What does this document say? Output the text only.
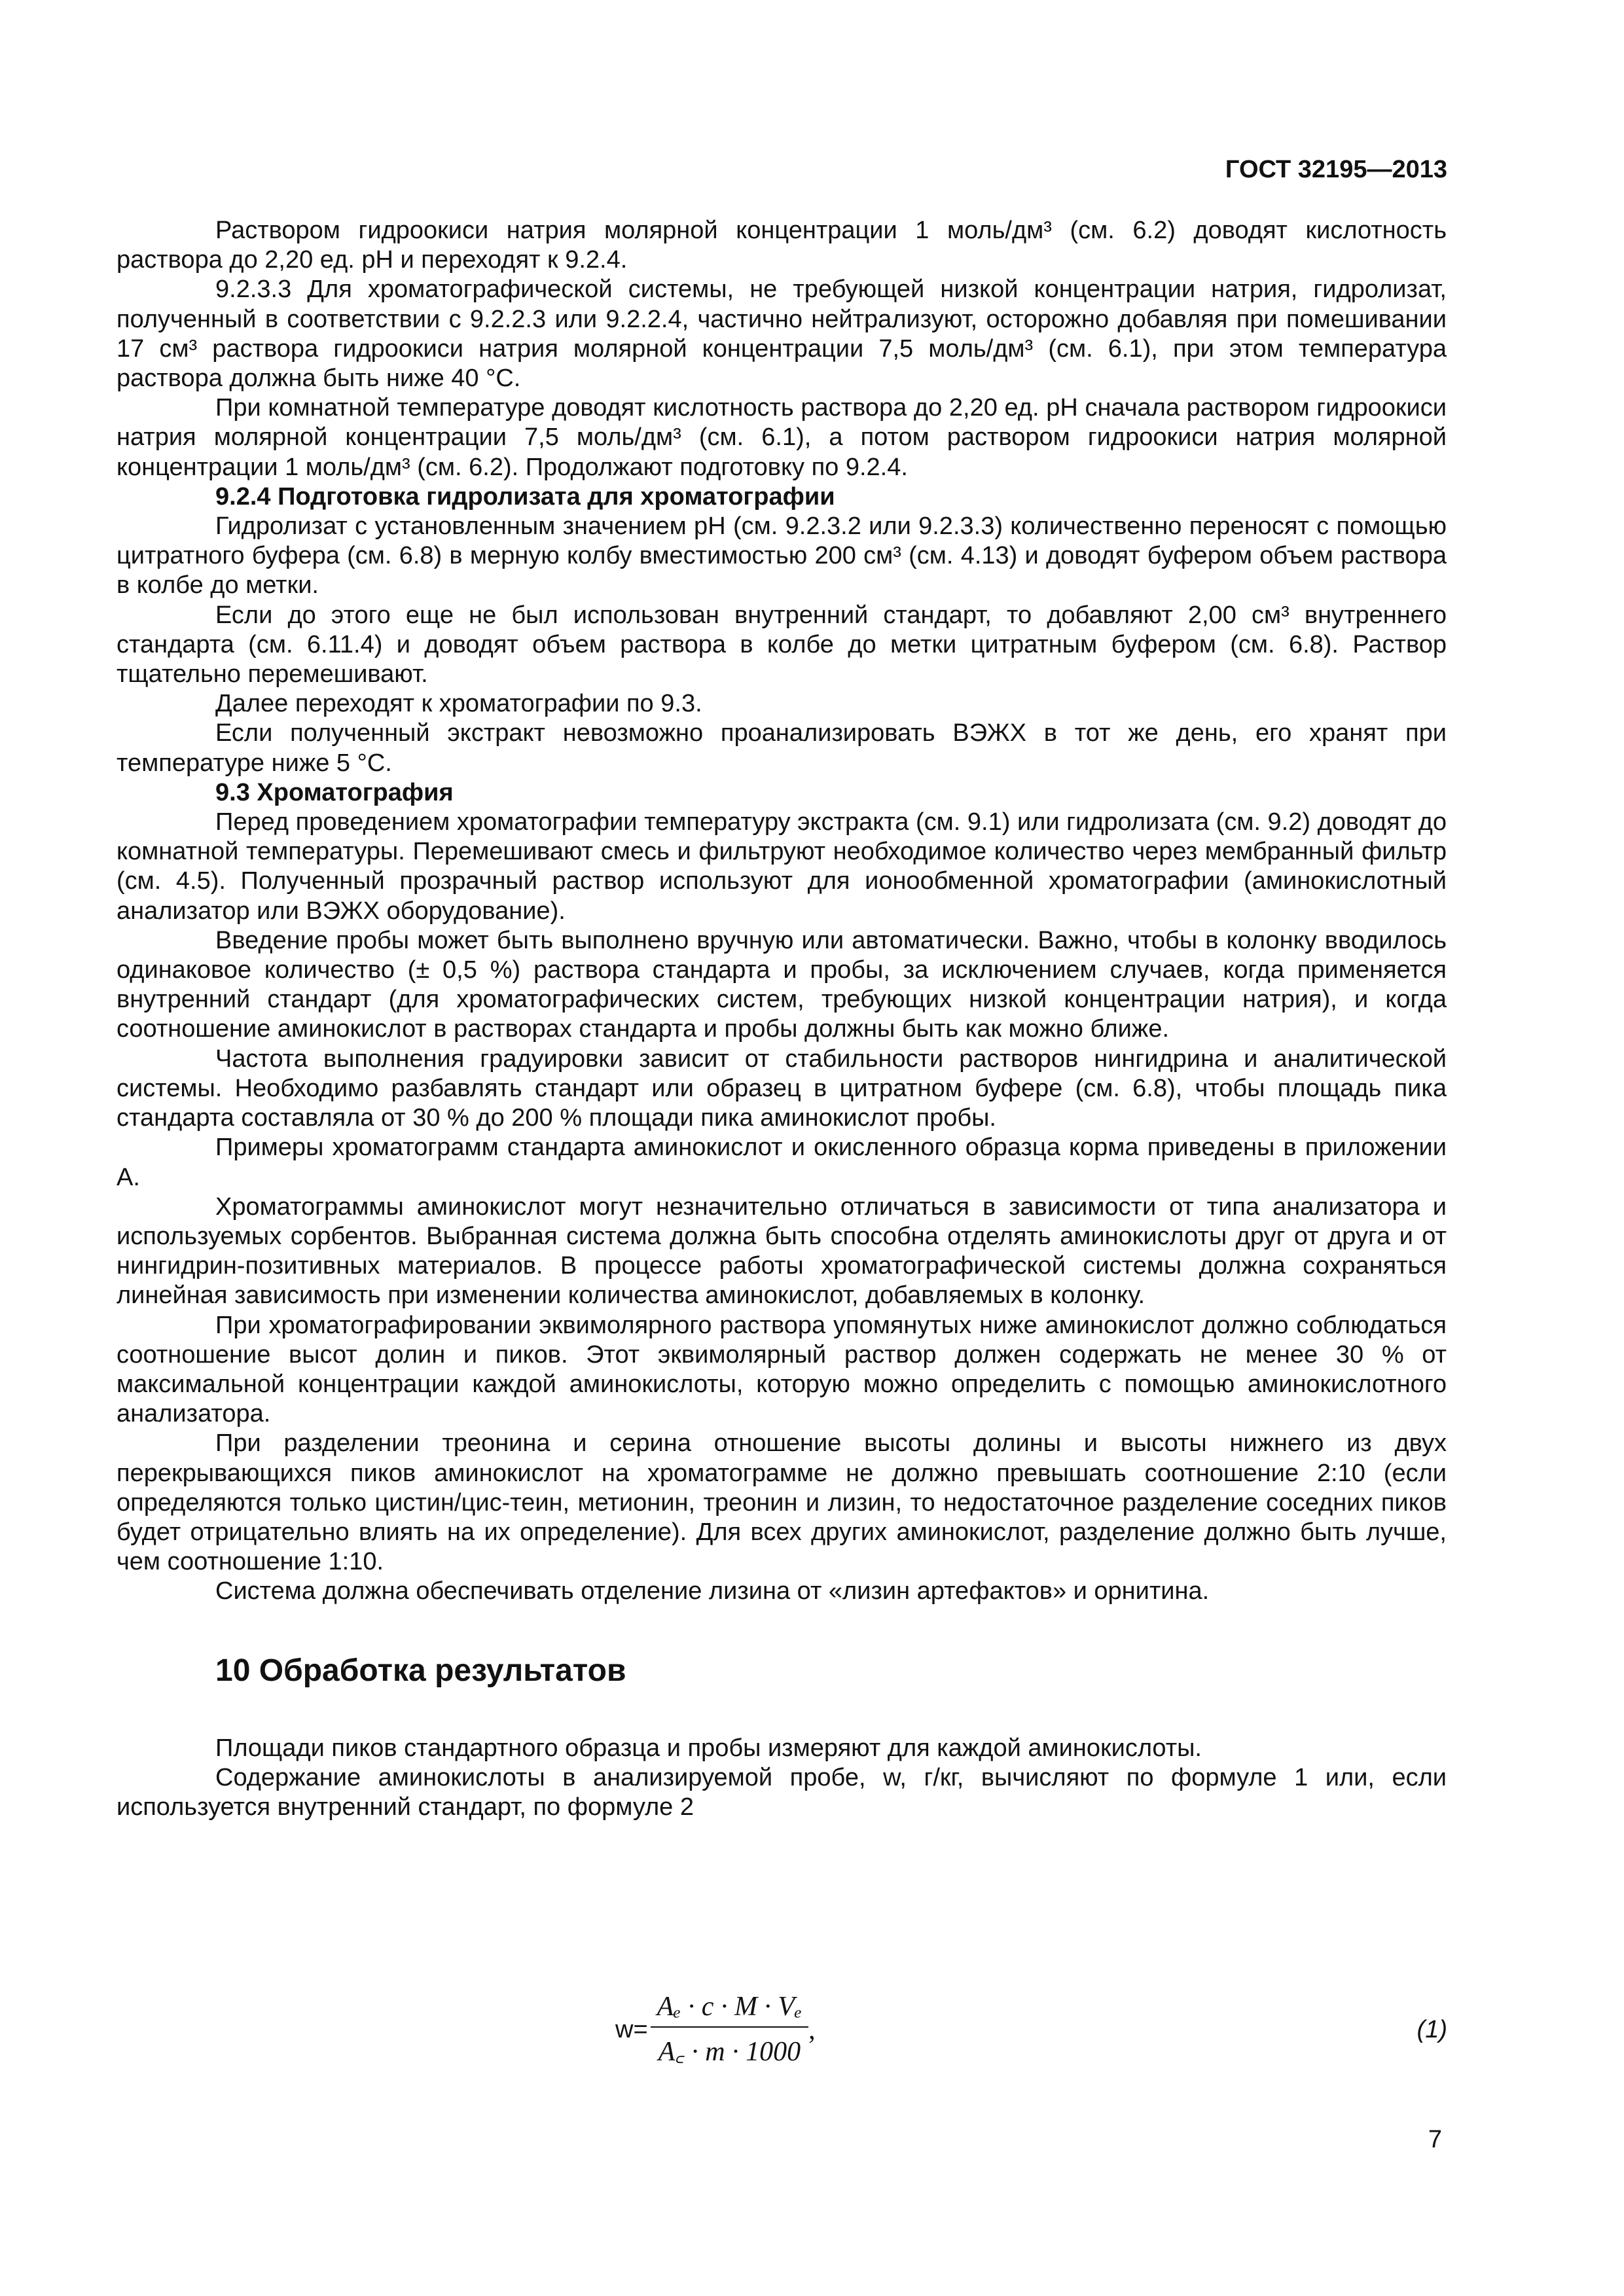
ГОСТ 32195—2013

Раствором гидроокиси натрия молярной концентрации 1 моль/дм³ (см. 6.2) доводят кислотность раствора до 2,20 ед. рН и переходят к 9.2.4.

9.2.3.3 Для хроматографической системы, не требующей низкой концентрации натрия, гидролизат, полученный в соответствии с 9.2.2.3 или 9.2.2.4, частично нейтрализуют, осторожно добавляя при помешивании 17 см³ раствора гидроокиси натрия молярной концентрации 7,5 моль/дм³ (см. 6.1), при этом температура раствора должна быть ниже 40 °С.

При комнатной температуре доводят кислотность раствора до 2,20 ед. рН сначала раствором гидроокиси натрия молярной концентрации 7,5 моль/дм³ (см. 6.1), а потом раствором гидроокиси натрия молярной концентрации 1 моль/дм³ (см. 6.2). Продолжают подготовку по 9.2.4.

9.2.4 Подготовка гидролизата для хроматографии

Гидролизат с установленным значением рН (см. 9.2.3.2 или 9.2.3.3) количественно переносят с помощью цитратного буфера (см. 6.8) в мерную колбу вместимостью 200 см³ (см. 4.13) и доводят буфером объем раствора в колбе до метки.

Если до этого еще не был использован внутренний стандарт, то добавляют 2,00 см³ внутреннего стандарта (см. 6.11.4) и доводят объем раствора в колбе до метки цитратным буфером (см. 6.8). Раствор тщательно перемешивают.

Далее переходят к хроматографии по 9.3.

Если полученный экстракт невозможно проанализировать ВЭЖХ в тот же день, его хранят при температуре ниже 5 °С.

9.3 Хроматография

Перед проведением хроматографии температуру экстракта (см. 9.1) или гидролизата (см. 9.2) доводят до комнатной температуры. Перемешивают смесь и фильтруют необходимое количество через мембранный фильтр (см. 4.5). Полученный прозрачный раствор используют для ионообменной хроматографии (аминокислотный анализатор или ВЭЖХ оборудование).

Введение пробы может быть выполнено вручную или автоматически. Важно, чтобы в колонку вводилось одинаковое количество (± 0,5 %) раствора стандарта и пробы, за исключением случаев, когда применяется внутренний стандарт (для хроматографических систем, требующих низкой концентрации натрия), и когда соотношение аминокислот в растворах стандарта и пробы должны быть как можно ближе.

Частота выполнения градуировки зависит от стабильности растворов нингидрина и аналитической системы. Необходимо разбавлять стандарт или образец в цитратном буфере (см. 6.8), чтобы площадь пика стандарта составляла от 30 % до 200 % площади пика аминокислот пробы.

Примеры хроматограмм стандарта аминокислот и окисленного образца корма приведены в приложении А.

Хроматограммы аминокислот могут незначительно отличаться в зависимости от типа анализатора и используемых сорбентов. Выбранная система должна быть способна отделять аминокислоты друг от друга и от нингидрин-позитивных материалов. В процессе работы хроматографической системы должна сохраняться линейная зависимость при изменении количества аминокислот, добавляемых в колонку.

При хроматографировании эквимолярного раствора упомянутых ниже аминокислот должно соблюдаться соотношение высот долин и пиков. Этот эквимолярный раствор должен содержать не менее 30 % от максимальной концентрации каждой аминокислоты, которую можно определить с помощью аминокислотного анализатора.

При разделении треонина и серина отношение высоты долины и высоты нижнего из двух перекрывающихся пиков аминокислот на хроматограмме не должно превышать соотношение 2:10 (если определяются только цистин/цис-теин, метионин, треонин и лизин, то недостаточное разделение соседних пиков будет отрицательно влиять на их определение). Для всех других аминокислот, разделение должно быть лучше, чем соотношение 1:10.

Система должна обеспечивать отделение лизина от «лизин артефактов» и орнитина.

10 Обработка результатов

Площади пиков стандартного образца и пробы измеряют для каждой аминокислоты.

Содержание аминокислоты в анализируемой пробе, w, г/кг, вычисляют по формуле 1 или, если используется внутренний стандарт, по формуле 2

$w= \frac{\text{Aₑ · c · M · Vₑ}}{A꜀ \cdot m \cdot 1000}$ ,	(1)
7
